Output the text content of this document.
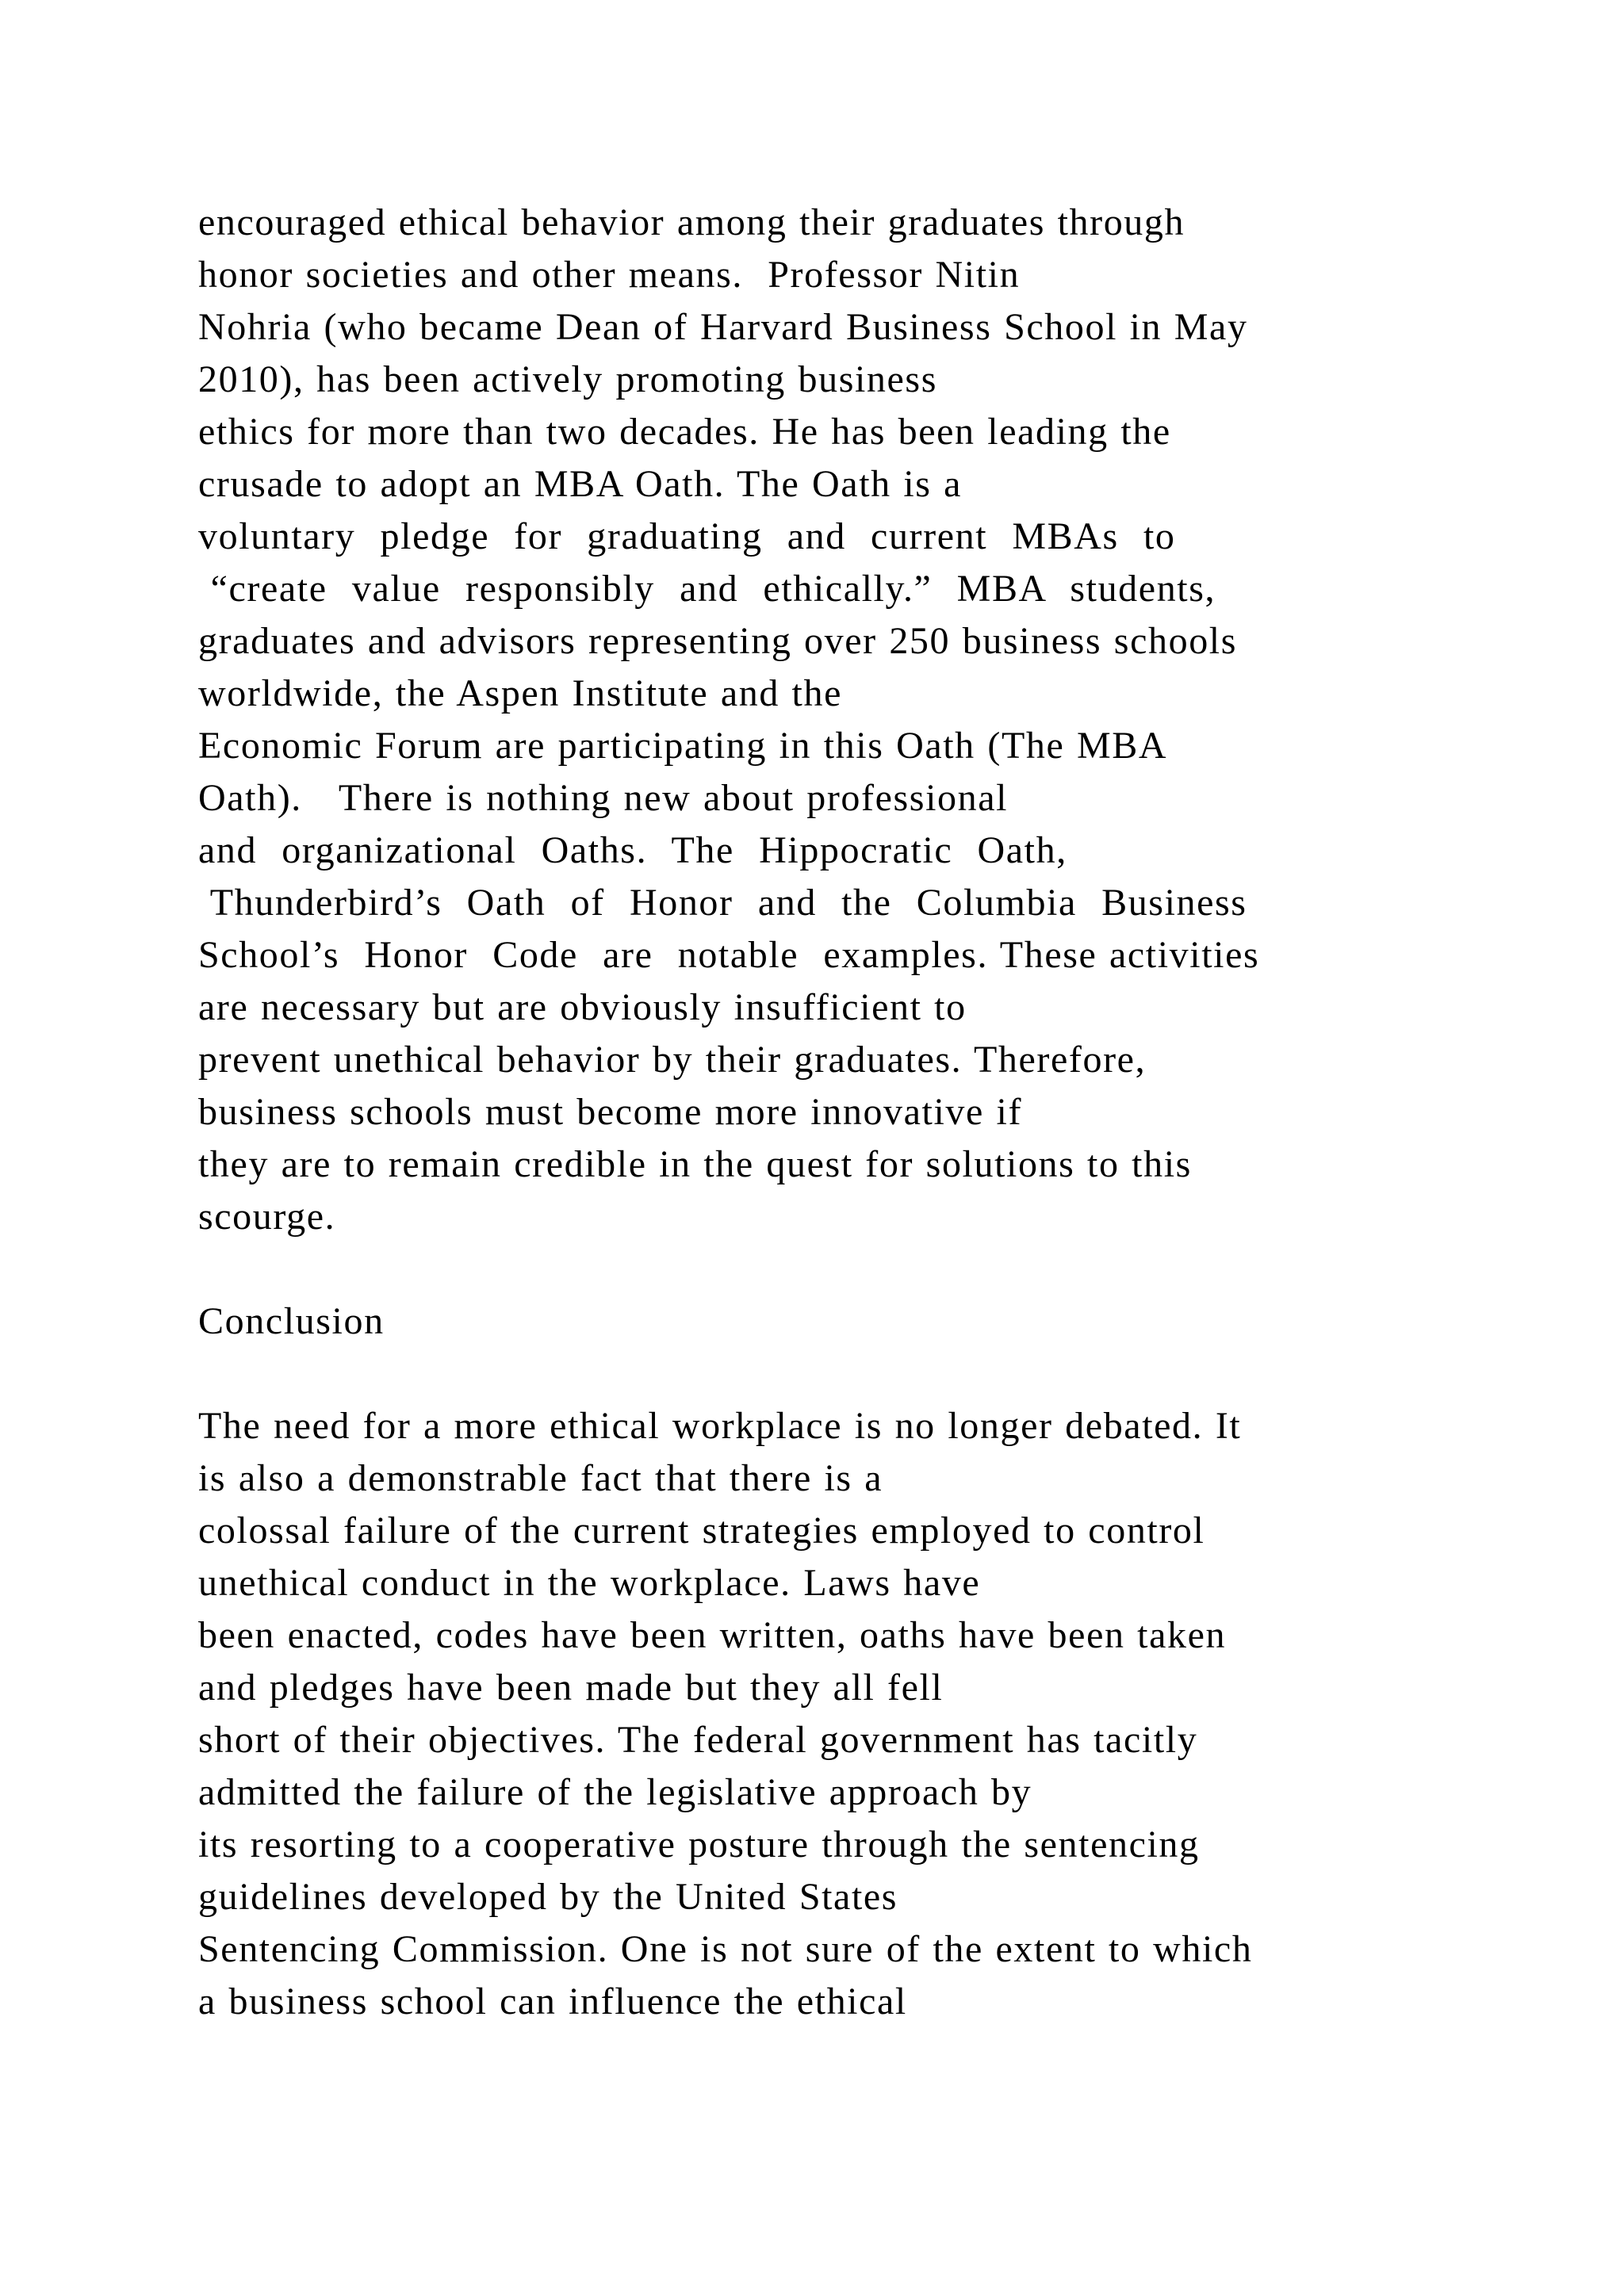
encouraged ethical behavior among their graduates through
honor societies and other means.  Professor Nitin
Nohria (who became Dean of Harvard Business School in May
2010), has been actively promoting business
ethics for more than two decades. He has been leading the
crusade to adopt an MBA Oath. The Oath is a
voluntary  pledge  for  graduating  and  current  MBAs  to
“create  value  responsibly  and  ethically.”  MBA  students,
graduates and advisors representing over 250 business schools
worldwide, the Aspen Institute and the
Economic Forum are participating in this Oath (The MBA
Oath).   There is nothing new about professional
and  organizational  Oaths.  The  Hippocratic  Oath,
Thunderbird’s  Oath  of  Honor  and  the  Columbia  Business
School’s  Honor  Code  are  notable  examples. These activities
are necessary but are obviously insufficient to
prevent unethical behavior by their graduates. Therefore,
business schools must become more innovative if
they are to remain credible in the quest for solutions to this
scourge.
Conclusion
The need for a more ethical workplace is no longer debated. It
is also a demonstrable fact that there is a
colossal failure of the current strategies employed to control
unethical conduct in the workplace. Laws have
been enacted, codes have been written, oaths have been taken
and pledges have been made but they all fell
short of their objectives. The federal government has tacitly
admitted the failure of the legislative approach by
its resorting to a cooperative posture through the sentencing
guidelines developed by the United States
Sentencing Commission. One is not sure of the extent to which
a business school can influence the ethical
